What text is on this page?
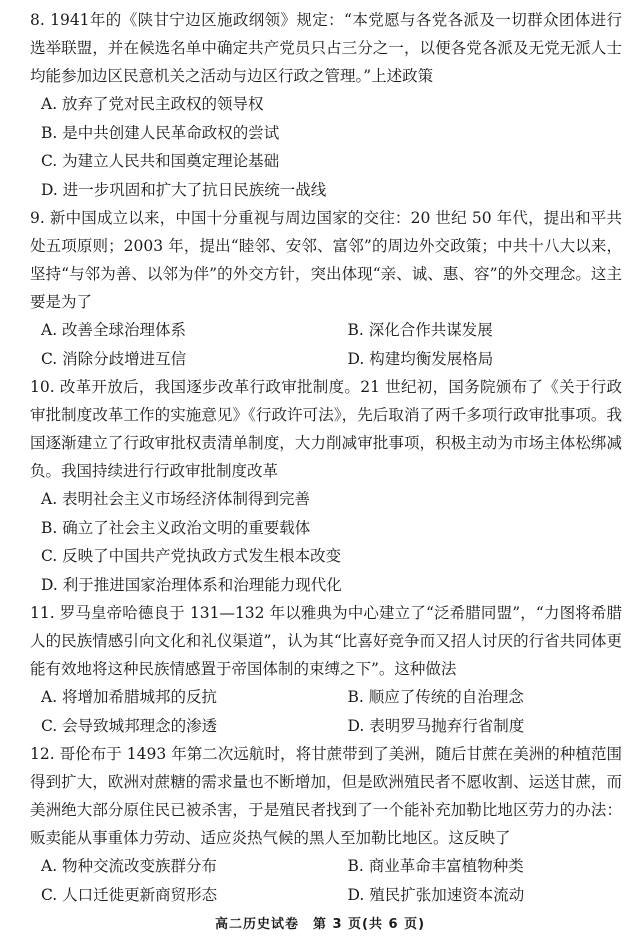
8. 1941年的《陕甘宁边区施政纲领》规定：“本党愿与各党各派及一切群众团体进行选举联盟，并在候选名单中确定共产党员只占三分之一，以便各党各派及无党无派人士均能参加边区民意机关之活动与边区行政之管理。”上述政策

A. 放弃了党对民主政权的领导权

B. 是中共创建人民革命政权的尝试

C. 为建立人民共和国奠定理论基础

D. 进一步巩固和扩大了抗日民族统一战线

9. 新中国成立以来，中国十分重视与周边国家的交往：20 世纪 50 年代，提出和平共处五项原则；2003 年，提出“睦邻、安邻、富邻”的周边外交政策；中共十八大以来，坚持“与邻为善、以邻为伴”的外交方针，突出体现“亲、诚、惠、容”的外交理念。这主要是为了

A. 改善全球治理体系	B. 深化合作共谋发展

C. 消除分歧增进互信	D. 构建均衡发展格局

10. 改革开放后，我国逐步改革行政审批制度。21 世纪初，国务院颁布了《关于行政审批制度改革工作的实施意见》《行政许可法》，先后取消了两千多项行政审批事项。我国逐渐建立了行政审批权责清单制度，大力削减审批事项，积极主动为市场主体松绑减负。我国持续进行行政审批制度改革

A. 表明社会主义市场经济体制得到完善

B. 确立了社会主义政治文明的重要载体

C. 反映了中国共产党执政方式发生根本改变

D. 利于推进国家治理体系和治理能力现代化

11. 罗马皇帝哈德良于 131—132 年以雅典为中心建立了“泛希腊同盟”，“力图将希腊人的民族情感引向文化和礼仪渠道”，认为其“比喜好竞争而又招人讨厌的行省共同体更能有效地将这种民族情感置于帝国体制的束缚之下”。这种做法

A. 将增加希腊城邦的反抗	B. 顺应了传统的自治理念

C. 会导致城邦理念的渗透	D. 表明罗马抛弃行省制度

12. 哥伦布于 1493 年第二次远航时，将甘蔗带到了美洲，随后甘蔗在美洲的种植范围得到扩大，欧洲对蔗糖的需求量也不断增加，但是欧洲殖民者不愿收割、运送甘蔗，而美洲绝大部分原住民已被杀害，于是殖民者找到了一个能补充加勒比地区劳力的办法：贩卖能从事重体力劳动、适应炎热气候的黑人至加勒比地区。这反映了

A. 物种交流改变族群分布	B. 商业革命丰富植物种类

C. 人口迁徙更新商贸形态	D. 殖民扩张加速资本流动

高二历史试卷　第 3 页(共 6 页)
